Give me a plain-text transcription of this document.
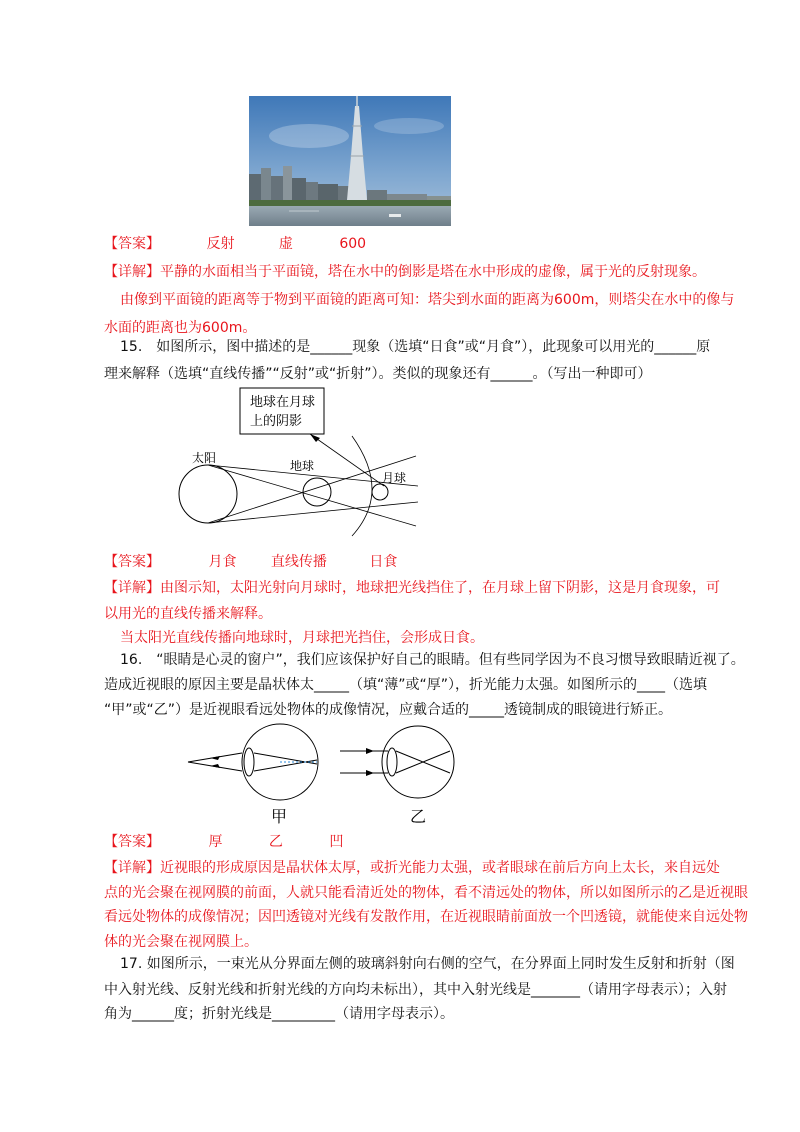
【答案】	反射	虚	600
【详解】平静的水面相当于平面镜，塔在水中的倒影是塔在水中形成的虚像，属于光的反射现象。
由像到平面镜的距离等于物到平面镜的距离可知：塔尖到水面的距离为600m，则塔尖在水中的像与
水面的距离也为600m。
15.　如图所示，图中描述的是______现象（选填“日食”或“月食”），此现象可以用光的______原
理来解释（选填“直线传播”“反射”或“折射”）。类似的现象还有______。（写出一种即可）
地球在月球
上的阴影
太阳
地球
月球
【答案】	月食 直线传播	日食
【详解】由图示知，太阳光射向月球时，地球把光线挡住了，在月球上留下阴影，这是月食现象，可
以用光的直线传播来解释。
当太阳光直线传播向地球时，月球把光挡住，会形成日食。
16.　“眼睛是心灵的窗户”，我们应该保护好自己的眼睛。但有些同学因为不良习惯导致眼睛近视了。
造成近视眼的原因主要是晶状体太_____（填“薄”或“厚”），折光能力太强。如图所示的____（选填
“甲”或“乙”）是近视眼看远处物体的成像情况，应戴合适的_____透镜制成的眼镜进行矫正。
甲	乙
【答案】	厚	乙	凹
【详解】近视眼的形成原因是晶状体太厚，或折光能力太强，或者眼球在前后方向上太长，来自远处
点的光会聚在视网膜的前面，人就只能看清近处的物体，看不清远处的物体，所以如图所示的乙是近视眼
看远处物体的成像情况；因凹透镜对光线有发散作用，在近视眼睛前面放一个凹透镜，就能使来自远处物
体的光会聚在视网膜上。
17. 如图所示，一束光从分界面左侧的玻璃斜射向右侧的空气，在分界面上同时发生反射和折射（图
中入射光线、反射光线和折射光线的方向均未标出），其中入射光线是_______（请用字母表示）；入射
角为______度；折射光线是_________（请用字母表示）。
